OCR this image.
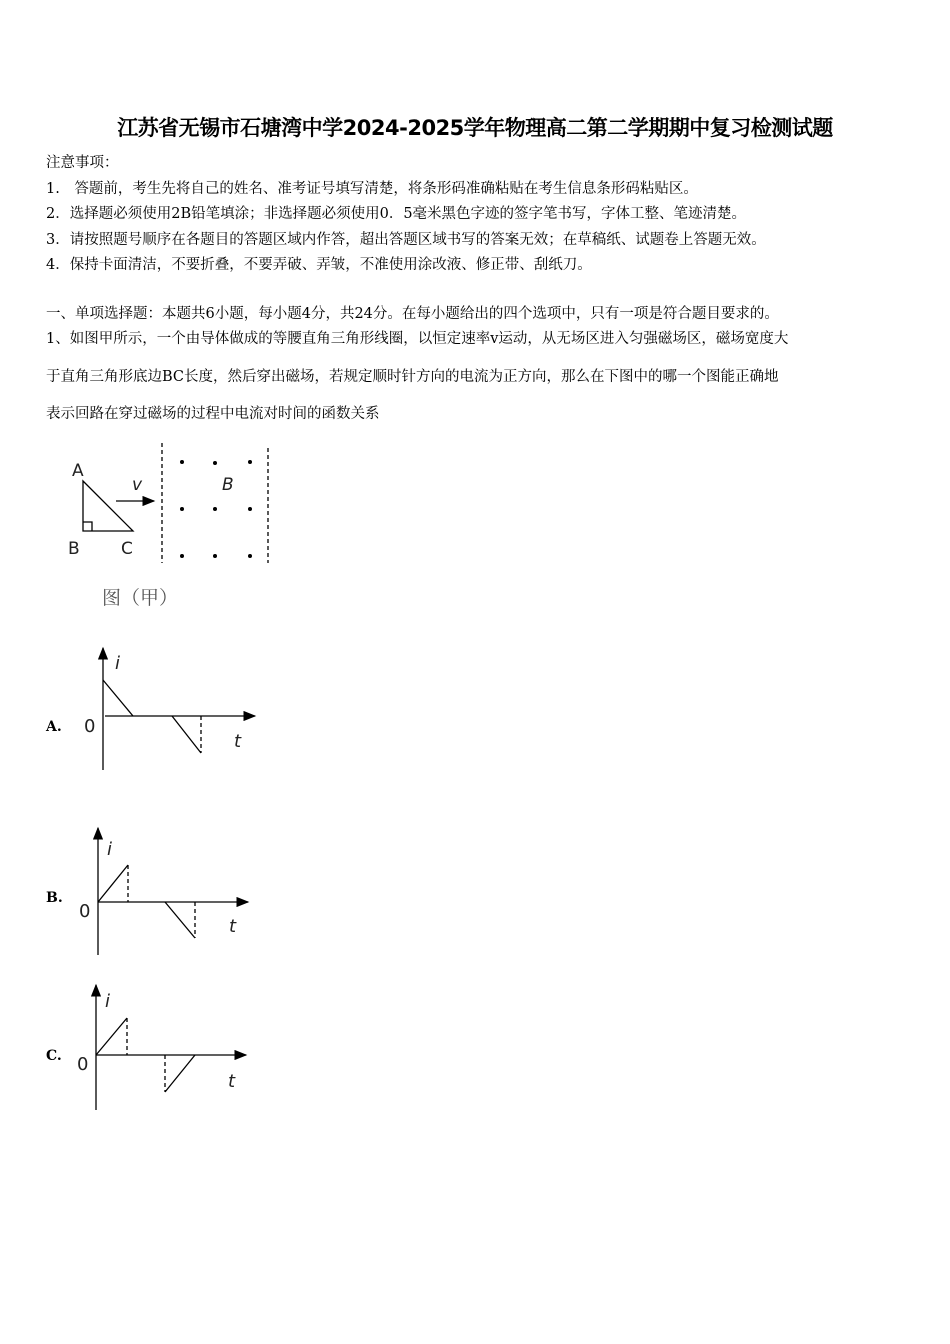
江苏省无锡市石塘湾中学2024-2025学年物理高二第二学期期中复习检测试题
注意事项：
1.　答题前，考生先将自己的姓名、准考证号填写清楚，将条形码准确粘贴在考生信息条形码粘贴区。
2．选择题必须使用2B铅笔填涂；非选择题必须使用0．5毫米黑色字迹的签字笔书写，字体工整、笔迹清楚。
3．请按照题号顺序在各题目的答题区域内作答，超出答题区域书写的答案无效；在草稿纸、试题卷上答题无效。
4．保持卡面清洁，不要折叠，不要弄破、弄皱，不准使用涂改液、修正带、刮纸刀。
一、单项选择题：本题共6小题，每小题4分，共24分。在每小题给出的四个选项中，只有一项是符合题目要求的。
1、如图甲所示，一个由导体做成的等腰直角三角形线圈，以恒定速率v运动，从无场区进入匀强磁场区，磁场宽度大
于直角三角形底边BC长度，然后穿出磁场，若规定顺时针方向的电流为正方向，那么在下图中的哪一个图能正确地
表示回路在穿过磁场的过程中电流对时间的函数关系
A
B C
v	B
图（甲）
i
0
t
i
0
t
i
0
t
A.
B.
C.
